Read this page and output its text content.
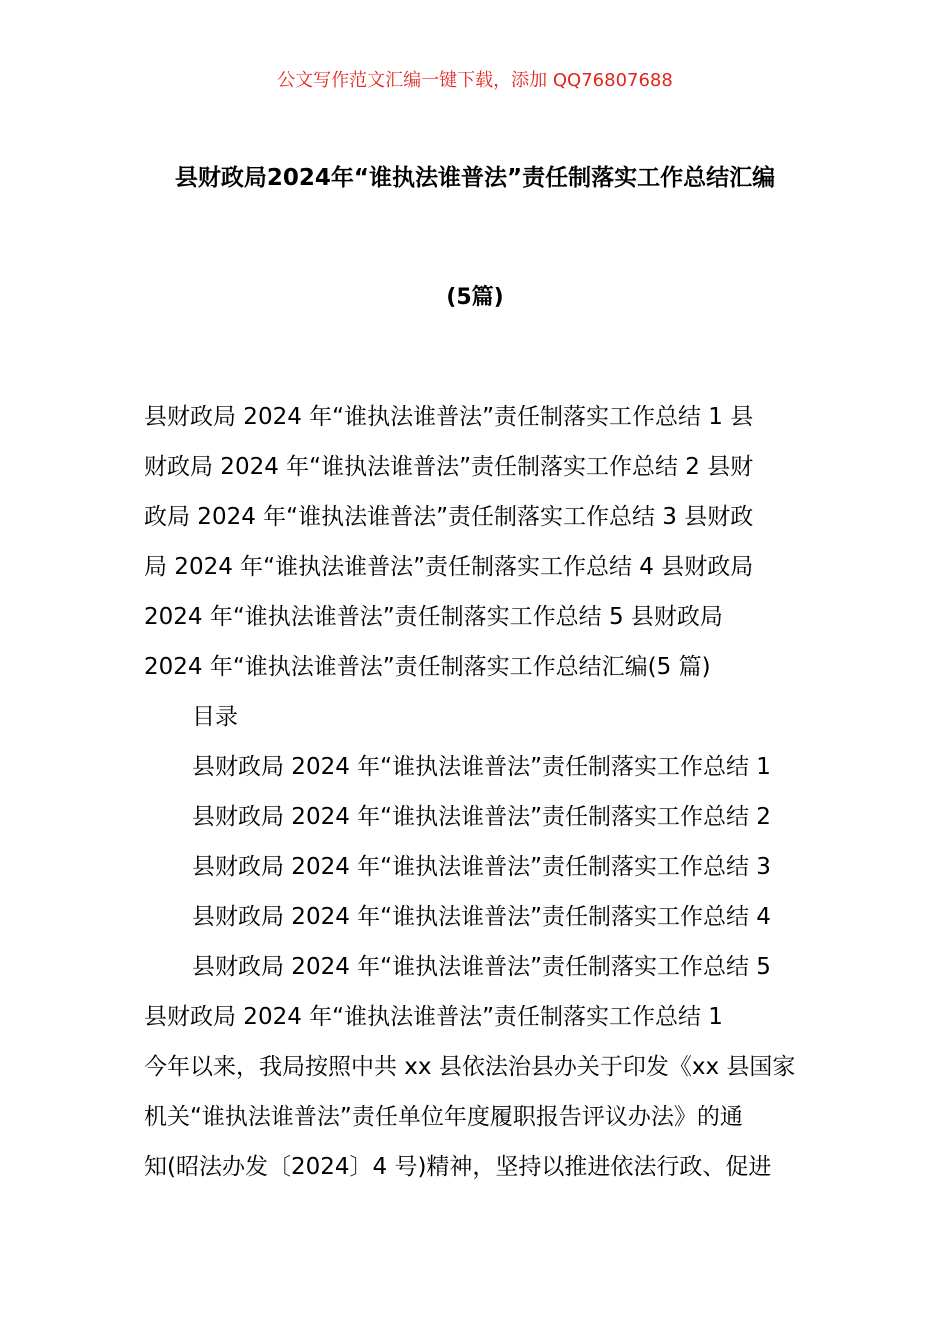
公文写作范文汇编一键下载，添加 QQ76807688
县财政局2024年“谁执法谁普法”责任制落实工作总结汇编
(5篇)
县财政局 2024 年“谁执法谁普法”责任制落实工作总结 1 县
财政局 2024 年“谁执法谁普法”责任制落实工作总结 2 县财
政局 2024 年“谁执法谁普法”责任制落实工作总结 3 县财政
局 2024 年“谁执法谁普法”责任制落实工作总结 4 县财政局
2024 年“谁执法谁普法”责任制落实工作总结 5 县财政局
2024 年“谁执法谁普法”责任制落实工作总结汇编(5 篇)
目录
县财政局 2024 年“谁执法谁普法”责任制落实工作总结 1
县财政局 2024 年“谁执法谁普法”责任制落实工作总结 2
县财政局 2024 年“谁执法谁普法”责任制落实工作总结 3
县财政局 2024 年“谁执法谁普法”责任制落实工作总结 4
县财政局 2024 年“谁执法谁普法”责任制落实工作总结 5
县财政局 2024 年“谁执法谁普法”责任制落实工作总结 1
今年以来，我局按照中共 xx 县依法治县办关于印发《xx 县国家
机关“谁执法谁普法”责任单位年度履职报告评议办法》的通
知(昭法办发〔2024〕4 号)精神，坚持以推进依法行政、促进
